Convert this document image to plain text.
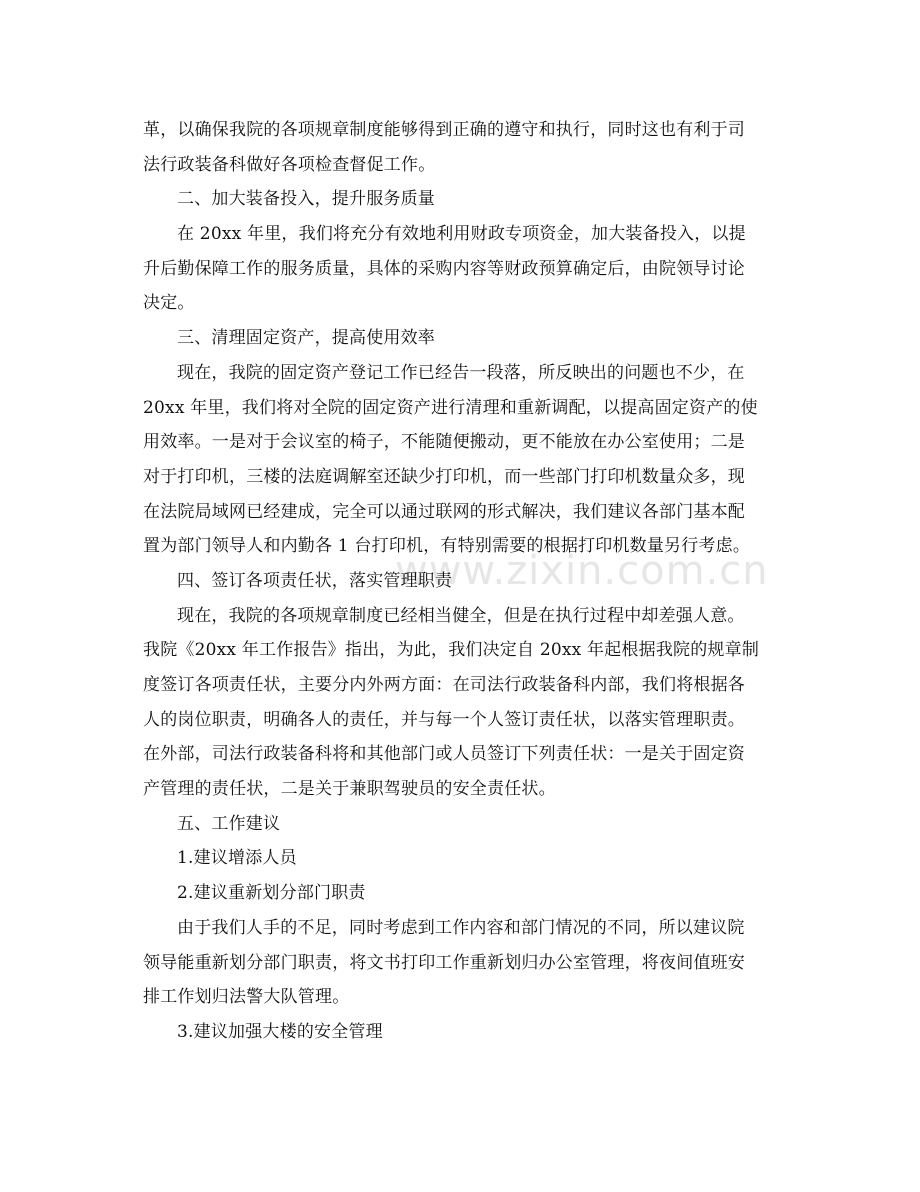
www.zixin.com.cn
革，以确保我院的各项规章制度能够得到正确的遵守和执行，同时这也有利于司
法行政装备科做好各项检查督促工作。
二、加大装备投入，提升服务质量
在 20xx 年里，我们将充分有效地利用财政专项资金，加大装备投入，以提
升后勤保障工作的服务质量，具体的采购内容等财政预算确定后，由院领导讨论
决定。
三、清理固定资产，提高使用效率
现在，我院的固定资产登记工作已经告一段落，所反映出的问题也不少，在
20xx 年里，我们将对全院的固定资产进行清理和重新调配，以提高固定资产的使
用效率。一是对于会议室的椅子，不能随便搬动，更不能放在办公室使用；二是
对于打印机，三楼的法庭调解室还缺少打印机，而一些部门打印机数量众多，现
在法院局域网已经建成，完全可以通过联网的形式解决，我们建议各部门基本配
置为部门领导人和内勤各 1 台打印机，有特别需要的根据打印机数量另行考虑。
四、签订各项责任状，落实管理职责
现在，我院的各项规章制度已经相当健全，但是在执行过程中却差强人意。
我院《20xx 年工作报告》指出，为此，我们决定自 20xx 年起根据我院的规章制
度签订各项责任状，主要分内外两方面：在司法行政装备科内部，我们将根据各
人的岗位职责，明确各人的责任，并与每一个人签订责任状，以落实管理职责。
在外部，司法行政装备科将和其他部门或人员签订下列责任状：一是关于固定资
产管理的责任状，二是关于兼职驾驶员的安全责任状。
五、工作建议
1.建议增添人员
2.建议重新划分部门职责
由于我们人手的不足，同时考虑到工作内容和部门情况的不同，所以建议院
领导能重新划分部门职责，将文书打印工作重新划归办公室管理，将夜间值班安
排工作划归法警大队管理。
3.建议加强大楼的安全管理
